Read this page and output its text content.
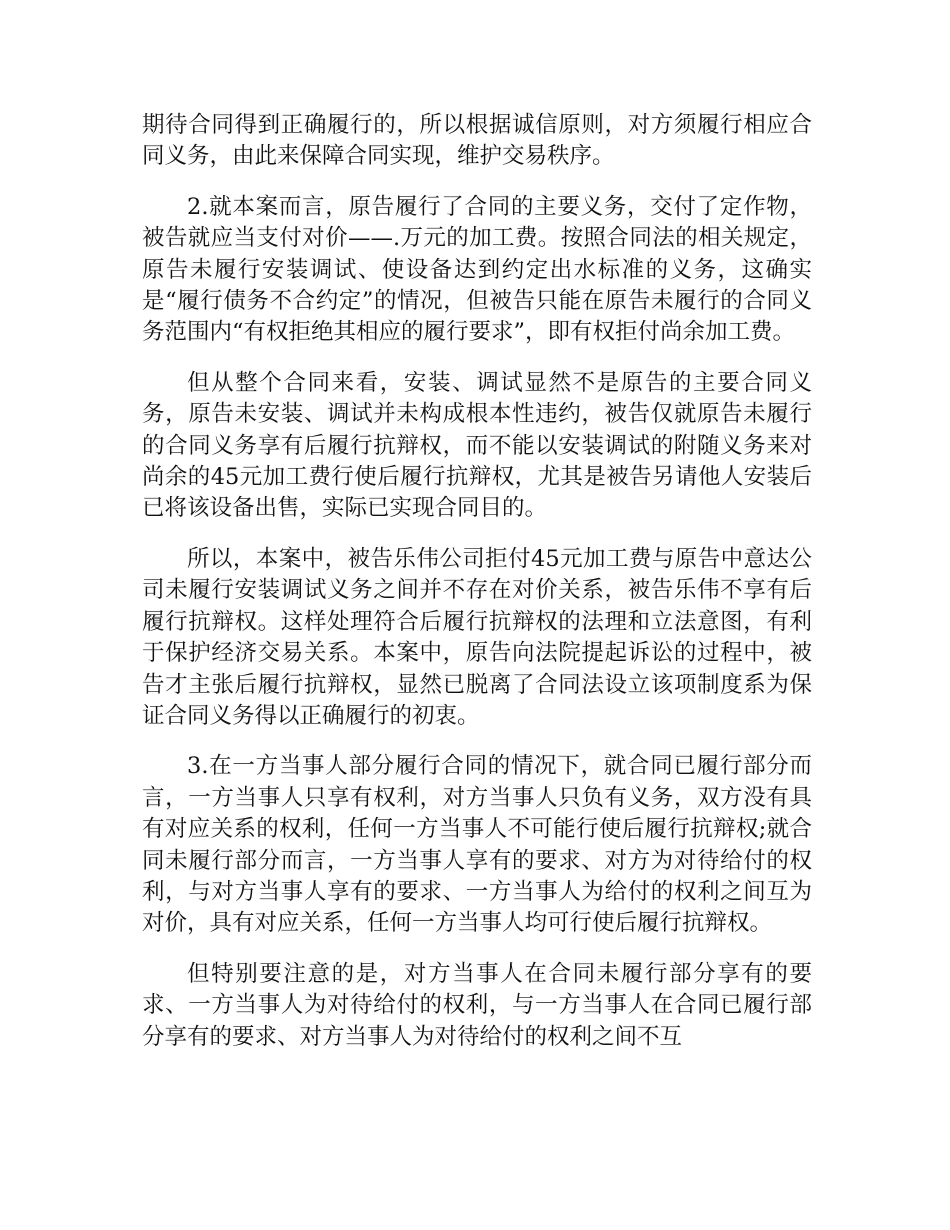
期待合同得到正确履行的，所以根据诚信原则，对方须履行相应合同义务，由此来保障合同实现，维护交易秩序。

2.就本案而言，原告履行了合同的主要义务，交付了定作物，被告就应当支付对价——.万元的加工费。按照合同法的相关规定，原告未履行安装调试、使设备达到约定出水标准的义务，这确实是“履行债务不合约定”的情况，但被告只能在原告未履行的合同义务范围内“有权拒绝其相应的履行要求”，即有权拒付尚余加工费。

但从整个合同来看，安装、调试显然不是原告的主要合同义务，原告未安装、调试并未构成根本性违约，被告仅就原告未履行的合同义务享有后履行抗辩权，而不能以安装调试的附随义务来对尚余的45元加工费行使后履行抗辩权，尤其是被告另请他人安装后已将该设备出售，实际已实现合同目的。

所以，本案中，被告乐伟公司拒付45元加工费与原告中意达公司未履行安装调试义务之间并不存在对价关系，被告乐伟不享有后履行抗辩权。这样处理符合后履行抗辩权的法理和立法意图，有利于保护经济交易关系。本案中，原告向法院提起诉讼的过程中，被告才主张后履行抗辩权，显然已脱离了合同法设立该项制度系为保证合同义务得以正确履行的初衷。

3.在一方当事人部分履行合同的情况下，就合同已履行部分而言，一方当事人只享有权利，对方当事人只负有义务，双方没有具有对应关系的权利，任何一方当事人不可能行使后履行抗辩权;就合同未履行部分而言，一方当事人享有的要求、对方为对待给付的权利，与对方当事人享有的要求、一方当事人为给付的权利之间互为对价，具有对应关系，任何一方当事人均可行使后履行抗辩权。

但特别要注意的是，对方当事人在合同未履行部分享有的要求、一方当事人为对待给付的权利，与一方当事人在合同已履行部分享有的要求、对方当事人为对待给付的权利之间不互
